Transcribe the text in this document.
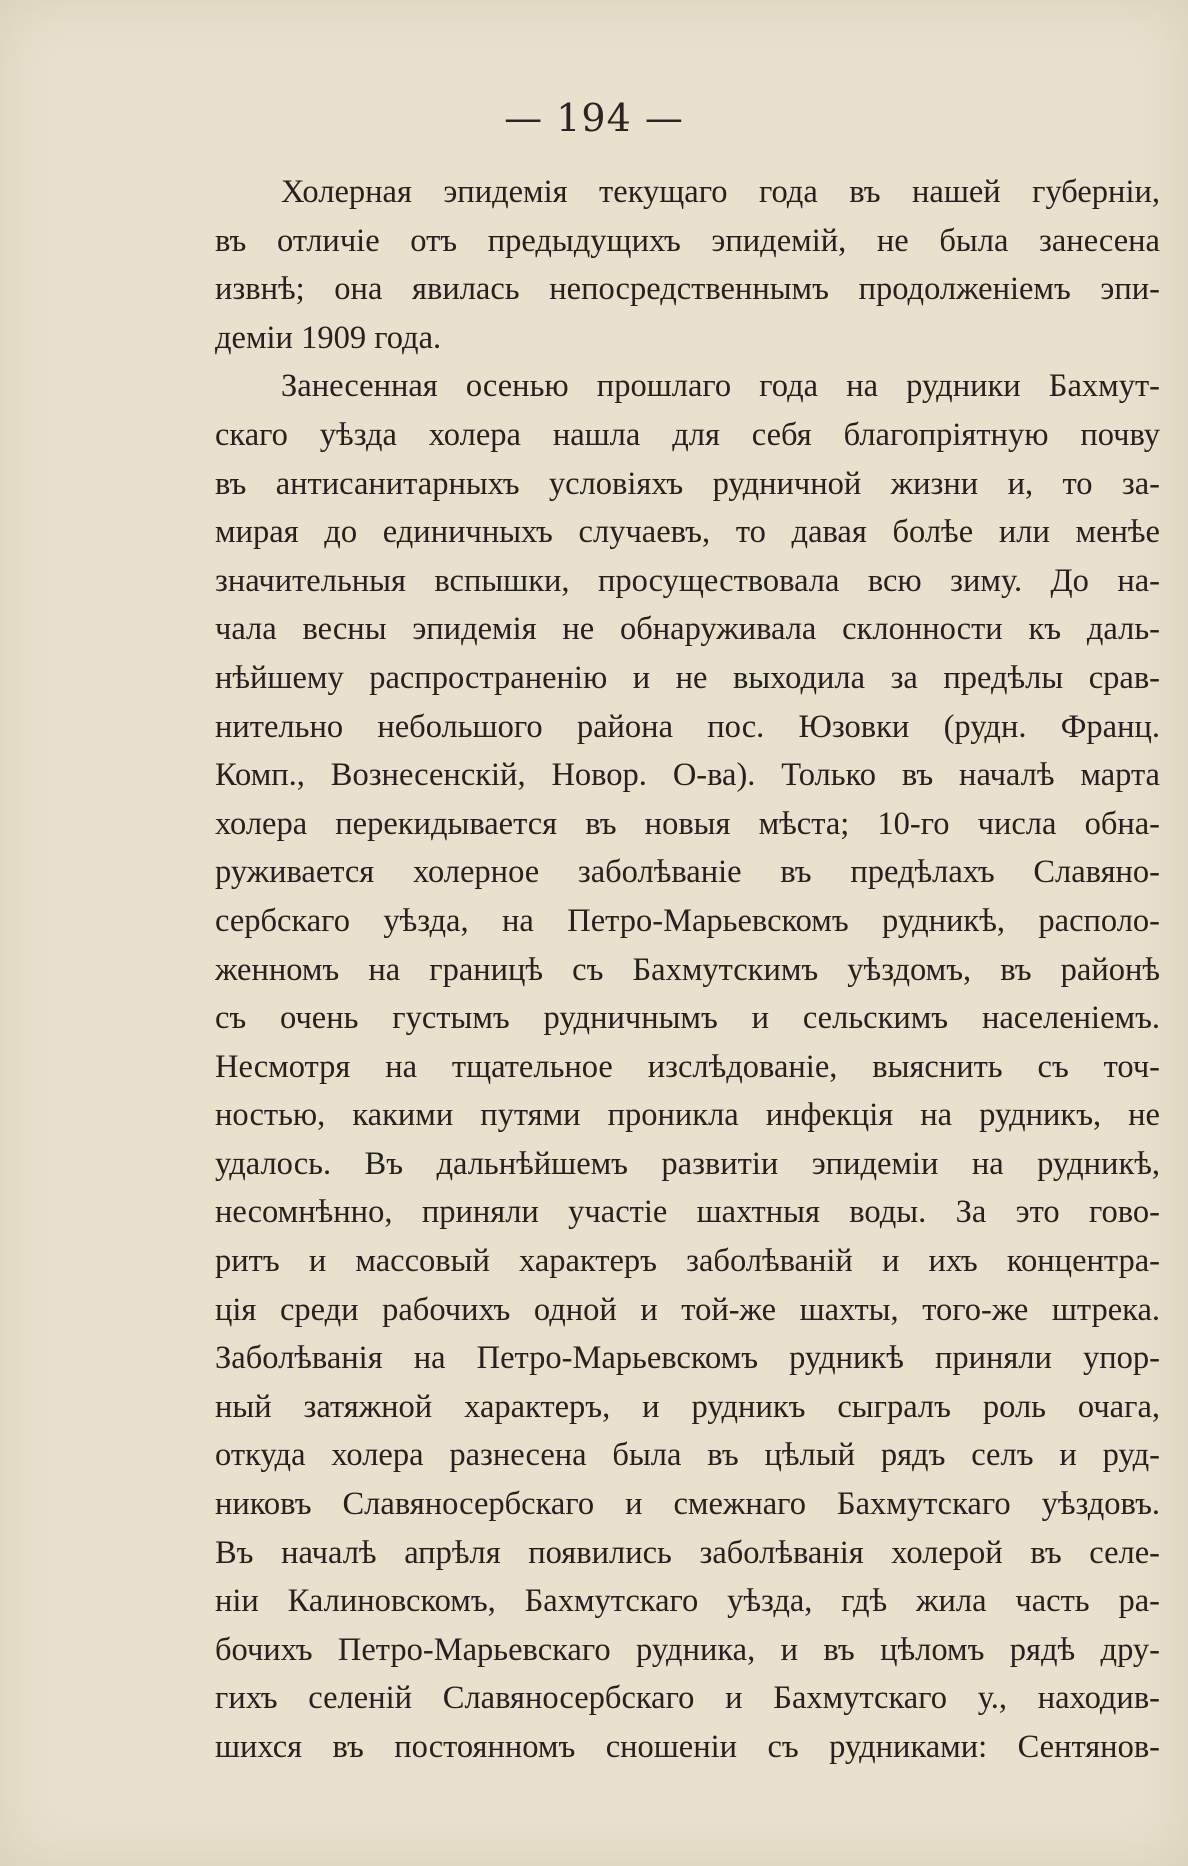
— 194 —
Холерная эпидемія текущаго года въ нашей губерніи,
въ отличіе отъ предыдущихъ эпидемій, не была занесена
извнѣ; она явилась непосредственнымъ продолженіемъ эпи-
деміи 1909 года.
Занесенная осенью прошлаго года на рудники Бахмут-
скаго уѣзда холера нашла для себя благопріятную почву
въ антисанитарныхъ условіяхъ рудничной жизни и, то за-
мирая до единичныхъ случаевъ, то давая болѣе или менѣе
значительныя вспышки, просуществовала всю зиму. До на-
чала весны эпидемія не обнаруживала склонности къ даль-
нѣйшему распространенію и не выходила за предѣлы срав-
нительно небольшого района пос. Юзовки (рудн. Франц.
Комп., Вознесенскій, Новор. О-ва). Только въ началѣ марта
холера перекидывается въ новыя мѣста; 10-го числа обна-
руживается холерное заболѣваніе въ предѣлахъ Славяно-
сербскаго уѣзда, на Петро-Марьевскомъ рудникѣ, располо-
женномъ на границѣ съ Бахмутскимъ уѣздомъ, въ районѣ
съ очень густымъ рудничнымъ и сельскимъ населеніемъ.
Несмотря на тщательное изслѣдованіе, выяснить съ точ-
ностью, какими путями проникла инфекція на рудникъ, не
удалось. Въ дальнѣйшемъ развитіи эпидеміи на рудникѣ,
несомнѣнно, приняли участіе шахтныя воды. За это гово-
ритъ и массовый характеръ заболѣваній и ихъ концентра-
ція среди рабочихъ одной и той-же шахты, того-же штрека.
Заболѣванія на Петро-Марьевскомъ рудникѣ приняли упор-
ный затяжной характеръ, и рудникъ сыгралъ роль очага,
откуда холера разнесена была въ цѣлый рядъ селъ и руд-
никовъ Славяносербскаго и смежнаго Бахмутскаго уѣздовъ.
Въ началѣ апрѣля появились заболѣванія холерой въ селе-
ніи Калиновскомъ, Бахмутскаго уѣзда, гдѣ жила часть ра-
бочихъ Петро-Марьевскаго рудника, и въ цѣломъ рядѣ дру-
гихъ селеній Славяносербскаго и Бахмутскаго у., находив-
шихся въ постоянномъ сношеніи съ рудниками: Сентянов-
